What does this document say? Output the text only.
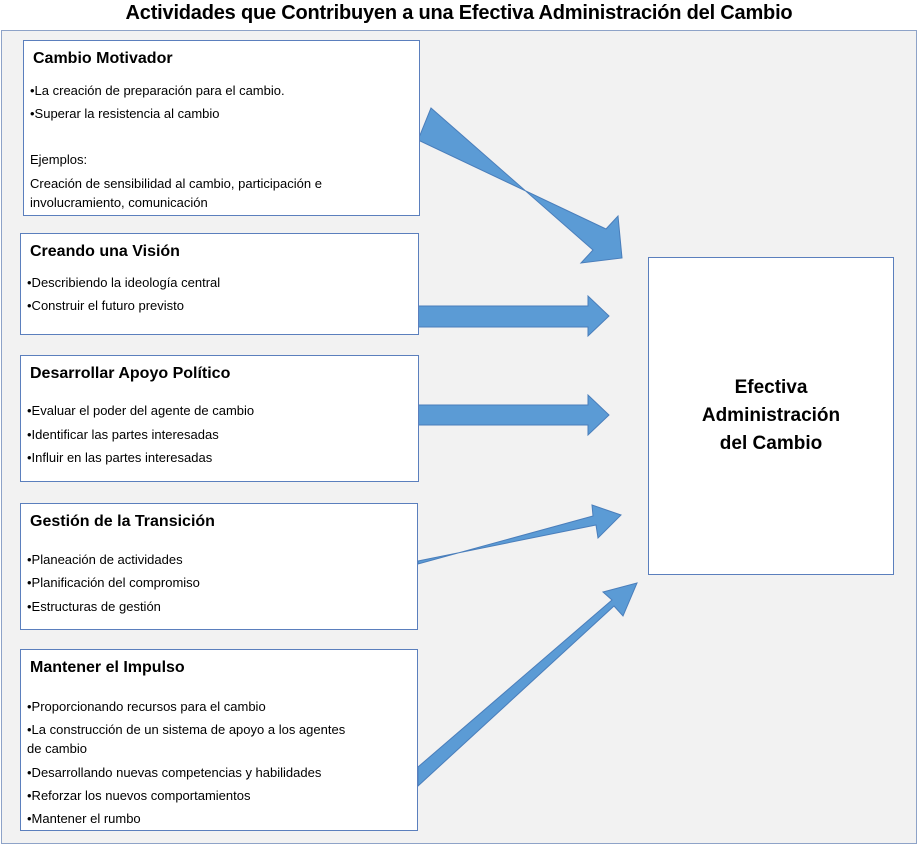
Actividades que Contribuyen a una Efectiva Administración del Cambio
Cambio Motivador
•La creación de preparación para el cambio.
•Superar la resistencia al cambio
Ejemplos:
Creación de sensibilidad al cambio, participación e
involucramiento, comunicación
Creando una Visión
•Describiendo la ideología central
•Construir el futuro previsto
Desarrollar Apoyo Político
•Evaluar el poder del agente de cambio
•Identificar las partes interesadas
•Influir en las partes interesadas
Gestión de la Transición
•Planeación de actividades
•Planificación del compromiso
•Estructuras de gestión
Mantener el Impulso
•Proporcionando recursos para el cambio
•La construcción de un sistema de apoyo a los agentes
de cambio
•Desarrollando nuevas competencias y habilidades
•Reforzar los nuevos comportamientos
•Mantener el rumbo
Efectiva
Administración
del Cambio
